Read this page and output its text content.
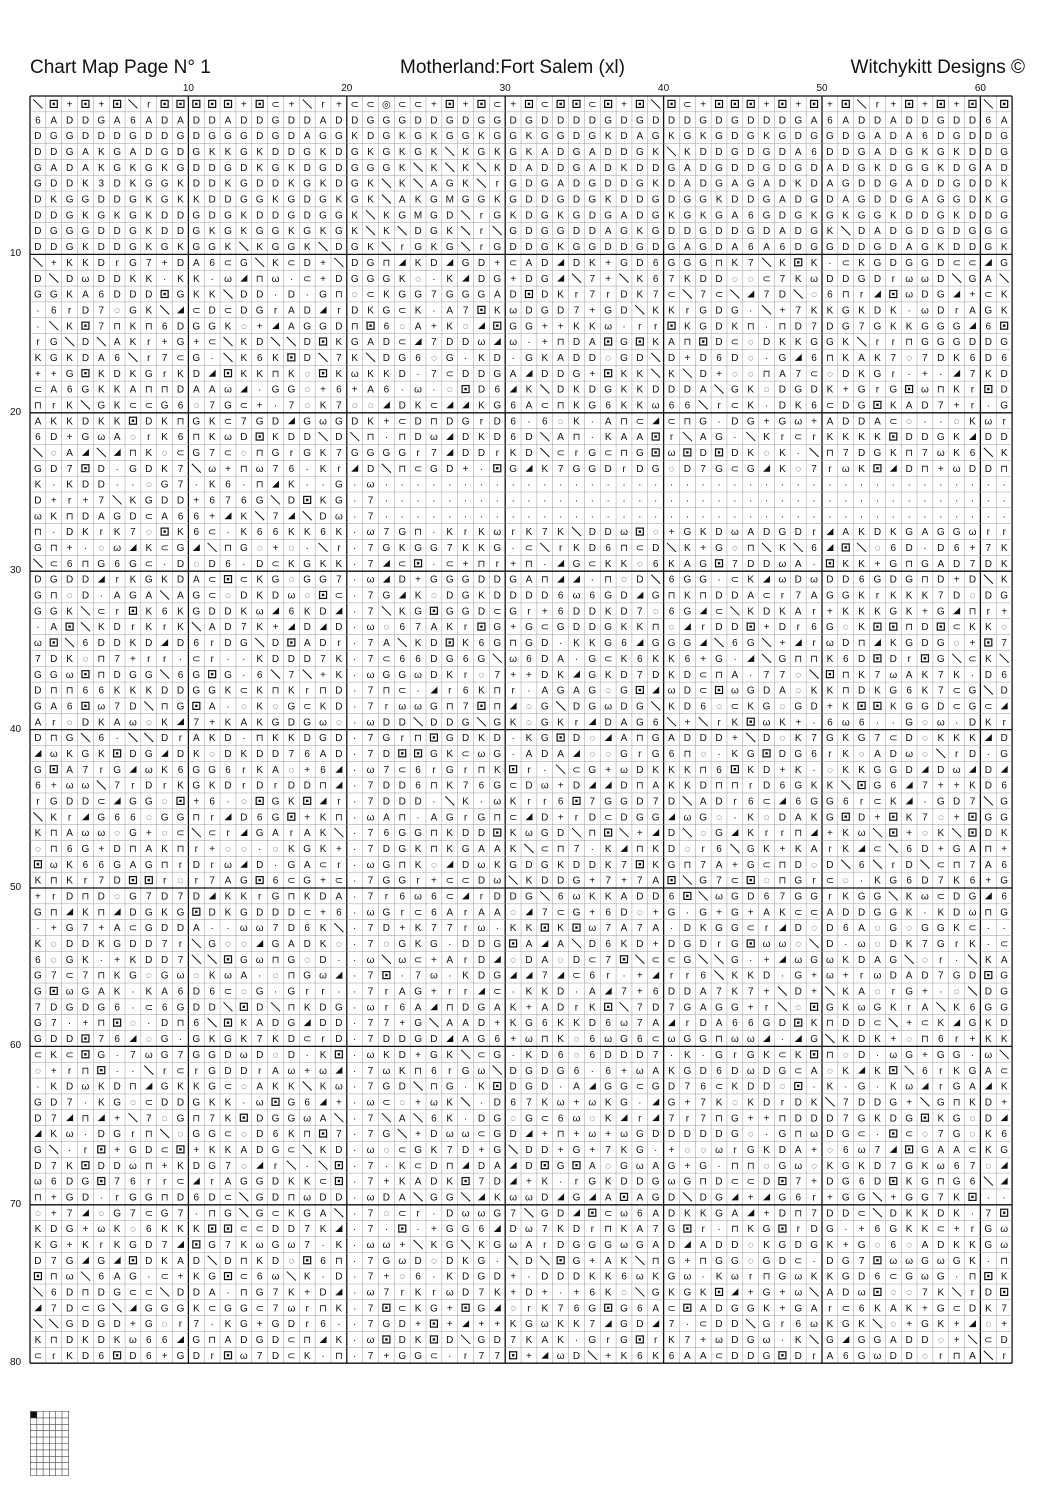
Chart Map Page N° 1	Motherland:Fort Salem (xl)	Witchykitt Designs ©
10	20	30	40	50	60
10
20
30
40
50
60
70
80
+	+	r	+ ⊂ +	r + ⊂ ⊂ ◎ ⊂ ⊂ +	+ ⊂ + ⊂	⊂ +	⊂ +	+	+	+	r +	+	+
6 A D D G A 6 A D A D D A D D G D D A D D G G G D D G D G G D G D D D D G D G D D D G D G D D D G A 6 A D D A D D G D D 6 A
D G G D D D G D D G D G G G D G D A G G K D G K G K G G K G G K G G D G K D A G K G K G D G K G D G G D G A D A 6 D G D D G
D D G A K G A D G D G K K G K D D G K D G K G K G K	K G K G K A D G A D D G K	K D D G D G D A 6 D D G A D G K G K D D G
G A D A K G K G K G D D G D K G K D G D G G G K	K	K	K D A D D G A D K D D G A D G D D G D G D A D G K D G G K D G A D
G D D K 3 D K G G K D D K G D D K G K D G K	K	A G K	r G D G A D G D D G K D A D G A G A D K D A G D D G A D D G D D K
D K G G D D G K G K K D D G G K G D G K G K	A K G M G G K G D D G D G K D D G D G G K D D G A D G D A G D D G A G G D K G
D D G K G K G K D D G D G K D D G D G G K	K G M G D	r G K D G K G D G A D G K G K G A 6 G D G K G K G G K D D G K D D G
D G G G D D G K D D G K G K G G K G K G K	K D G K	r	G D G G D D A G K G D D G D D G D A D G K D A D G D G D G G G
D D G K D D G K G K G G K	K G G K D G K	r G K G	r G D D G K G G D D G D G A G D A 6 A 6 D G G D D G D A G K D D G K
+ K K D r G 7 + D A 6 ⊂ G K ⊂ D +	D G ⊓ K D G D + ⊂ A D D K + G D 6 G G G ⊓ K 7	K	K · ⊂ K G D G G D ⊂ ⊂ G
D D ω D D K K · K K · ω ⊓ ω · ⊂ + D G G G K ◌ · K D G + D G	7 +	K 6 7 K D D ◌ ◌ ⊂ 7 K ω D D G D r ω ω D G A
G G K A 6 D D D G K K D D · D · G ⊓ ◌ ⊂ K G G 7 G G G A D D K r 7 r D K 7 ⊂ 7 ⊂	7 D	◌ 6 ⊓ r	ω D G + ⊂ K
· 6 r D 7 ◌ G K	⊂ D ⊂ D G r A D	r D K G ⊂ K · A 7	K ω D G D 7 + G D K K r G D G ·	+ 7 K K G K D K · ω D r A G K
·	K	7 ⊓ K ⊓ 6 D G G K ◌ +	A G G D ⊓ 6 ◌ A + K ◌	G G + + K K ω · r r	K G D K ⊓ · ⊓ D 7 D G 7 G K K G G G	6
r G D A K r + G + ⊂ K D	D K G A D ⊂ 7 D D ω ω · + ⊓ D A G K A ⊓ D ⊂ ◌ D K K G G K	r r ⊓ G G G D D G
K G K D A 6	r 7 ⊂ G ·	K 6 K D	7 K D G 6 ◌ G · K D · G K A D D ◌ G D D + D 6 D ◌ · G	6 ⊓ K A K 7 ◌ 7 D K 6 D 6
+ + G K D K G r K D	K K ⊓ K ◌	K ω K K D · 7 ⊂ D D G A D D G +	K K	K D + ◌ ◌ ⊓ A 7 ⊂ ◌ D K G r · + ·	7 K D
⊂ A 6 G K K A ⊓ ⊓ D A A ω	· G G ◌ + 6 + A 6 · ω · ◌	D 6	K D K D G K K D D D A G K ◌ D G D K + G r G ω ⊓ K r	D
⊓ r K G K ⊂ ⊂ G 6 ◌ 7 G ⊂ + · 7 ◌ K 7 ◌ ◌	D K ⊂	K G 6 A ⊂ ⊓ K G 6 K K ω 6 6	r ⊂ K · D K 6 ⊂ D G K A D 7 + r · G
A K K D K K D K ⊓ G K ⊂ 7 G D G ω G D K + ⊂ D ⊓ D G r D 6 · 6 ◌ K · A ⊓ ⊂ ⊂ ⊓ G · D G + G ω + A D D A ⊂ ◌ · · ◌ K ω r
6 D + G ω A ◌ r K 6 ⊓ K ω D K D D D ⊓ · ⊓ D ω D K D 6 D A ⊓ · K A A	r	A G ·	K r ⊂ r K K K K D D G K D D
◌ A	⊓ K ◌ ⊂ G 7 ⊂ ◌ ⊓ G r G K 7 G G G G r 7	D D r K D ⊂ r G ⊂ ⊓ G ω D D K ◌ K ·	⊓ 7 D G K ⊓ 7 ω K 6	K
G D 7	D · G D K 7 ω + ⊓ ω 7 6 · K r	D ⊓ ⊂ G D + ·	G K 7 G G D r D G ◌ D 7 G ⊂ G K ◌ 7 r ω K	D ⊓ + ω D D ⊓
K · K D D · · ◌ G 7 · K 6 · ⊓ K · · G · ω · · · · · · · · · · · · · · · · · · · · · · · · · · · · · · · · · · · · · · · ·
D + r + 7	K G D D + 6 7 6 G D K G · 7 · · · · · · · · · · · · · · · · · · · · · · · · · · · · · · · · · · · · · · · ·
ω K ⊓ D A G D ⊂ A 6 6 +	K	7	D ω · 7 · · · · · · · · · · · · · · · · · · · · · · · · · · · · · · · · · · · · · · · ·
⊓ · D K r K 7 ◌	K 6 ⊂ · K 6 6 K K 6 K · ω 7 G ⊓ · K r K ω r K 7 K D D ω ◌ + G K D ω A D G D r	A K D K G A G G ω r r
G ⊓ + · ◌ ω K ⊂ G	⊓ G ◌ + ◌ ·	r · 7 G K G G 7 K K G · ⊂	r K D 6 ⊓ ⊂ D K + G ◌ ⊓ K	6	◌ 6 D · D 6 + 7 K
⊂ 6 ⊓ G 6 G ⊂ · D ◌ D 6 · D ⊂ K G K K · 7 ⊂	· ⊂ + ⊓ r + ⊓ ·	G ⊂ K K ◌ 6 K A G	7 D D ω A ·	K K + G ⊓ G A D 7 D K
D G D D	r K G K D A ⊂ ⊂ K G ◌ G G 7 · ω D + G G G D D G A ⊓	· ⊓ ◌ D	6 G G · ⊂ K ω D ω D D 6 G D G ⊓ D + D K
G ⊓ ◌ D · A G A	A G ⊂ ◌ D K D ω ◌ ⊂ · 7 G K ◌ D G K D D D D 6 ω 6 G D G ⊓ K ⊓ D D A ⊂ r 7 A G G K r K K K 7 D ◌ D G
G G K ⊂ r	K 6 K G D D K ω 6 K D	· 7	K G G G D ⊂ G r + 6 D D K D 7 ◌ 6 G ⊂ K D K A r + K K K G K + G ⊓ r +
· A	K D r K r K	A D 7 K +	D D · ω ◌ 6 7 A K r	G + G ⊂ G D D G K K ⊓ ◌	r D D	+ D r 6 G ◌ K	⊓ D ⊂ K K ◌
ω	6 D D K D D 6 r D G D A D r · 7 A	K D K 6 G ⊓ G D · K K G 6	G G G	6 G +	r ω D ⊓ K G D G ◌ +	7
7 D K ◌ ⊓ 7 + r r · ⊂ r · · K D D D 7 K · 7 ⊂ 6 6 D G 6 G ω 6 D A · G ⊂ K 6 K K 6 + G ·	G ⊓ ⊓ K 6 D D r	G ⊂ K
G G ω ⊓ D G G	6 G G · 6	7	+ K · ω G G ω D K r ◌ 7 + + D K G K D 7 D K D ⊂ ⊓ A · 7 7 ◌	⊓ K 7 ω A K 7 K · D 6
D ⊓ ⊓ 6 6 K K K D D G G K ⊂ K ⊓ K r ⊓ D · 7 ⊓ ⊂ ·	r 6 K ⊓ r · A G A G ◌ G	ω D ⊂ ω G D A ◌ K K ⊓ D K G 6 K 7 ⊂ G D
G A 6 ω 7 D ⊓ G A · ◌ K ◌ G ⊂ K D · 7 r ω ω G ⊓ 7 ⊓ ◌ G D G ω D G K D 6 ◌ ⊂ K G ◌ G D + K	K G G D ⊂ G ⊂
A r ◌ D K A ω ◌ K	7 + K A K G D G ω ◌ · ω D D D D G G K ◌ G K r	D A G 6	+	r K ω K + · 6 ω 6 · · G ◌ ω · D K r
D ⊓ G	6 ·	D r A K D · ⊓ K K D G D · 7 G r ⊓ G D K D · K G D ◌	A ⊓ G A D D D +	D ◌ K 7 G K G 7 ⊂ D ◌ K K K D
ω K G K D G D K ◌ D K D D 7 6 A D · 7 D	G K ⊂ ω G · A D A	◌ ◌ G r G 6 ⊓ ◌ · K G D G 6 r K ◌ A D ω ◌	r D · G
G A 7 r G ω K 6 G G 6 r K A ◌ + 6	· ω 7 ⊂ 6 r G r ⊓ K	r ·	⊂ G + ω D K K K ⊓ 6	K D + K · ◌ K K G G D D ω D
6 + ω ω 7 r D r K G K D r D r D D ⊓	· 7 D D 6 ⊓ K 7 6 G ⊂ D ω + D	D ⊓ A K K D ⊓ ⊓ r D 6 G K K	G 6	7 + + K D 6
r G D D ⊂ G G ◌	+ 6 · ◌ G K	r · 7 D D D ·	K · ω K r r 6	7 G G D 7 D A D r 6 ⊂ 6 G G 6 r ⊂ K	· G D 7	G
K r	G 6 6 ◌ G G ⊓ r	D 6 G + K ⊓ · ω A ⊓ · A G r G ⊓ ⊂ D + r D ⊂ D G G ω G ◌ · K ◌ D A K G D +	K 7 ◌ + G G
K ⊓ A ω ω ◌ G + ◌ ⊂ ⊂ r	G A r A K	· 7 6 G G ⊓ K D D K ω G D ⊓	+	D	◌ G K r r ⊓ + K ω	+ ◌ K	D K
◌ ⊓ 6 G + D ⊓ A K ⊓ r + ◌ ◌ · ◌ K G K + · 7 D G K ⊓ K G A A K ⊂ ⊓ 7 · K ⊓ K D ◌ r 6	G K + K A r K ⊂ 6 D + G A ⊓ +
ω K 6 6 G A G ⊓ r D r ω D · G A ⊂ r · ω G ⊓ K ◌	D ω K G D G K D D K 7	K G ⊓ 7 A + G ⊂ ⊓ D ◌ D	6	r D ⊂ ⊓ 7 A 6
K ⊓ K r 7 D	r ◌ r 7 A G	6 ⊂ G + ⊂ · 7 G G r + ⊂ ⊂ D ω K D D G + 7 + 7 A	G 7 ⊂ ◌ ⊓ G r ⊂ ◌ · K G 6 D 7 K 6 + G
+ r D ⊓ D ◌ G 7 D 7 D K K r G ⊓ K D A · 7 r 6 ω 6 ⊂	r D D G	6 ω K K A D D 6	ω G D 6 7 G G r K G G K ω ⊂ D G	6
G ⊓ K ⊓ D G K G D K G D D D ⊂ + 6 · ω G r ⊂ 6 A r A A ◌	7 ⊂ G + 6 D ◌ + G · G + G + A K ⊂ ⊂ A D D G G K · K D ω ⊓ G
· + G 7 + A ⊂ G D D A · · ω ω 7 D 6 K	· 7 D + K 7 7 r ω · K K	K ω 7 A 7 A · D K G G ⊂ r	D ◌ D 6 A ◌ G ◌ G G K ⊂ · ·
K ◌ D D K G D D 7 r	G ◌ ◌ G A D K ◌ · 7 ◌ G K G · D D G A	A D 6 K D + D G D r G ω ω ◌	D · ω ◌ D K 7 G r K · ⊂
6 ◌ G K · + K D D 7	G ω ⊓ G ◌ D · · ω ω ⊂ + A r D	◌ D A ◌ D ⊂ 7	⊂ ⊂ G	G · + ω G ω K D A G ◌ r ·	K A
G 7 ⊂ 7 ⊓ K G ◌ G ω ◌ K ω A · ◌ ⊓ G ω	· 7	· 7 ω · K D G	7 ⊂ 6 r · +	r r 6	K K D · G + ω + r ω D A D 7 G D G
G ω G A K · K A 6 D 6 ⊂ ◌ G · G r r · · 7 r A G + r r	⊂ · K K D · A	7 + 6 D D A 7 K 7 +	D +	K A ◌ r G + · ◌	D G
7 D G D G 6 · ⊂ 6 G D D	D ⊓ K D G · ω r 6 A ⊓ D G A K + A D r K	7 D 7 G A G G + r	◌ G K ω G K r A	K 6 G G
G 7 · + ⊓ ◌ · D ⊓ 6	K A D G D D · 7 7 + G A A D + K G 6 K K D 6 ω 7 A	r D A 6 6 G D K ⊓ D D ⊂ + ⊂ K G K D
G D D	7 6	◌ G · G K G K 7 K D ⊂ r D · 7 D D G D A G 6 + ω ⊓ K ◌ 6 ω G 6 ⊂ ω G G ⊓ ω ω	·	G K D K + ◌ ⊓ 6 r + K K
⊂ K ⊂ G · 7 ω G 7 G G D ω D ◌ D · K	· ω K D + G K ⊂ G · K D 6 ◌ 6 D D D 7 · K · G r G K ⊂ K ⊓ ◌ D · ω G + G G · ω
◌ + r ⊓	· ·	r ⊂ r G D D r A ω + ω	· 7 ω K ⊓ 6 r G ω D G D G 6 · 6 + ω A K G D 6 D ω D G ⊂ A ◌ K	K	6 r K G A ⊂
· K D ω K D ⊓ G K K G ⊂ ◌ A K K	K ω · 7 G D ⊓ G · K D G D · A G G ⊂ G D 7 6 ⊂ K D D ◌	· K · G · K ω	r G A	K
G D 7 · K G ◌ ⊂ D D G K K · ω G 6	+ · ω ⊂ ◌ + ω K	· D 6 7 K ω + ω K G ·	G + 7 K ◌ K D r D K	7 D D G + G ⊓ K D +
D 7 ⊓ +	7 ◌ G ⊓ 7 K D G G ω A	· 7	A	6 K · D G ◌ G ⊂ 6 ω ◌ K	r	7 r 7 ⊓ G + + ⊓ D D D 7 G K D G K G ◌ D
K ω · D G r ⊓ ◌ G G ⊂ ◌ D 6 K ⊓ 7 · 7 G + D ω ω ⊂ G D	+ ⊓ + ω + ω G D D D D D G ◌ · G ⊓ ω D G ⊂ ·	⊂ ◌ 7 G ◌ K 6
G	· r	+ G D ⊂ + K K A D G ⊂ K D · ω ◌ ⊂ G K 7 D + G D D + G + 7 K G · + ◌ ◌ ω r G K D A + ◌ 6 ω 7	G A A ⊂ K G
D 7 K D D ω ⊓ + K D G 7 ◌	r	·	· 7 · K ⊂ D ⊓ D A D G A ◌ G ω A G + G · ⊓ ⊓ ◌ G ω ◌ K G K D 7 G K ω 6 7 ◌
ω 6 D G	7 6 r r ⊂	r A G G D K K ⊂	· 7 + K A D K	7 D	+ K · r G K D D G ω G ⊓ D ⊂ ⊂ D	7 + D G 6 D K G ⊓ G 6
⊓ + G D · r G G ⊓ D 6 D ⊂ G D ⊓ ω D D · ω D A G G	K ω ω D G A	A G D D G + G 6 r + G G + G G 7 K	· ·
◌ + 7	◌ G 7 ⊂ G 7 · ⊓ G G ⊂ K G A	· 7 ◌ ⊂ r · D ω ω G 7	G D	⊂ ω 6 A D K K G A	+ D ⊓ 7 D D ⊂ D K K D K · 7
K D G + ω K ◌ 6 K K K	⊂ ⊂ D D 7 K	· 7 ·	· + G G 6	D ω 7 K D r ⊓ K A 7 G	r · ⊓ K G	r D G · + 6 G K K ⊂ + r G ω
K G + K r K G D 7	G 7 K ω G ω 7 · K · ω ω +	K G K G ω A r D G G G ω G A D A D D ◌ K G D G K + G ◌ 6 ◌ A D K K G ω
D 7 G G	D K A D D ⊓ K D ◌	6 ⊓ · 7 G ω D ◌ D K G ·	D	G + A K ⊓ G + ⊓ G G ◌ G D ⊂ · D G 7 ω ω G ω G K · ⊓
⊓ ω 6 A G · ⊂ + K G ⊂ 6 ω K · D · 7 + ◌ 6 · K D G D + · D D D K K 6 ω K G ω · K ω r ⊓ G ω K K G D 6 ⊂ G ω G · ⊓ K
6 D ⊓ D G ⊂ ⊂ D D A · ⊓ G 7 K + D	· ω 7 r K r ω D 7 K + D + · + 6 K ◌ G K G K	+ G + ω A D ω ◌ ◌ 7 K	r D
7 D ⊂ G	G G G K ⊂ G G ⊂ 7 ω r ⊓ K · 7 ⊂ K G + G ◌ r K 7 6 G G 6 A ⊂ A D G G K + G A r ⊂ 6 K A K + G ⊂ D K 7
G D G D + G ◌ r 7 · K G + G D r 6 · · 7 G D +	+	+ + K G ω K K 7	G D	7 · ⊂ D D G r 6 ω K G K	◌ + G K +	◌ +
K ⊓ D K D K ω 6 6	G ⊓ A D G D ⊂ ⊓ K · ω D K D G D 7 K A K · G r G	r K 7 + ω D G ω · K G G G A D D ◌ + ⊂ D
⊂ r K D 6	D 6 + G D r	ω 7 D ⊂ K · ⊓ · 7 + G G ⊂ · r 7 7	+ ω D	+ K 6 K 6 A A ⊂ D D G D r A 6 G ω D D ◌ r ⊓ A	r
